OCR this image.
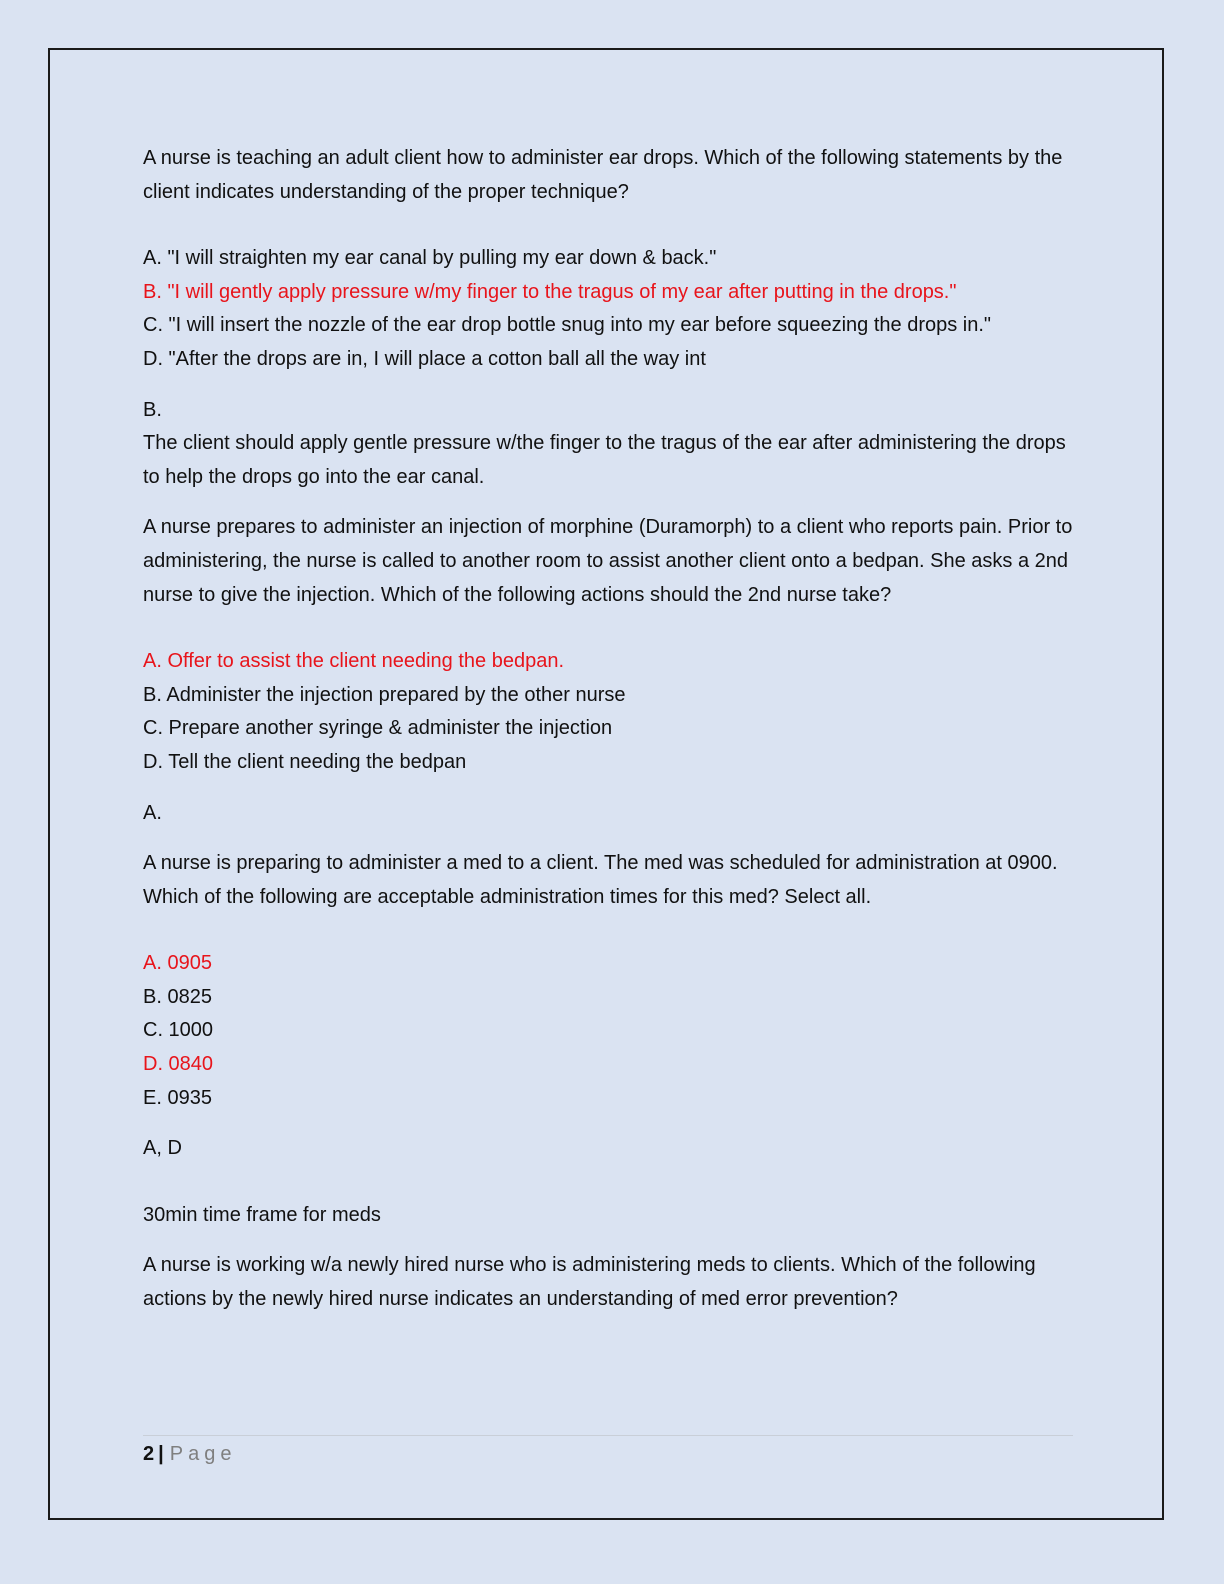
A nurse is teaching an adult client how to administer ear drops. Which of the following statements by the client indicates understanding of the proper technique?

A. "I will straighten my ear canal by pulling my ear down & back."

B. "I will gently apply pressure w/my finger to the tragus of my ear after putting in the drops."

C. "I will insert the nozzle of the ear drop bottle snug into my ear before squeezing the drops in."

D. "After the drops are in, I will place a cotton ball all the way int

B.

The client should apply gentle pressure w/the finger to the tragus of the ear after administering the drops to help the drops go into the ear canal.

A nurse prepares to administer an injection of morphine (Duramorph) to a client who reports pain. Prior to administering, the nurse is called to another room to assist another client onto a bedpan. She asks a 2nd nurse to give the injection. Which of the following actions should the 2nd nurse take?

A. Offer to assist the client needing the bedpan.

B. Administer the injection prepared by the other nurse

C. Prepare another syringe & administer the injection

D. Tell the client needing the bedpan

A.

A nurse is preparing to administer a med to a client. The med was scheduled for administration at 0900. Which of the following are acceptable administration times for this med? Select all.

A. 0905

B. 0825

C. 1000

D. 0840

E. 0935

A, D

30min time frame for meds

A nurse is working w/a newly hired nurse who is administering meds to clients. Which of the following actions by the newly hired nurse indicates an understanding of med error prevention?

2 | Page
